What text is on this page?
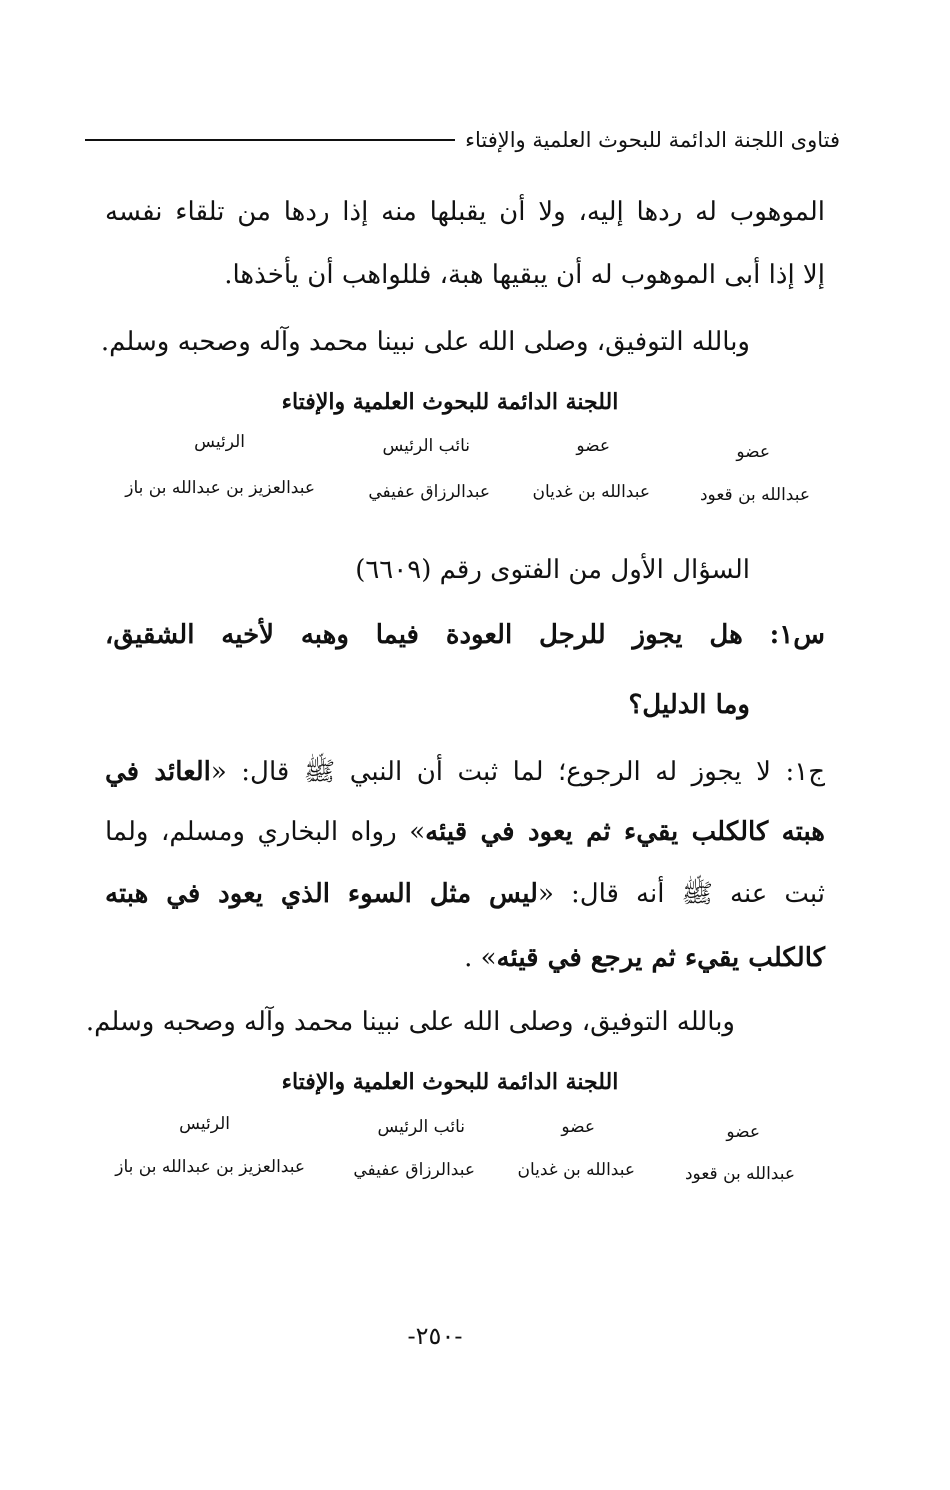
فتاوى اللجنة الدائمة للبحوث العلمية والإفتاء
الموهوب له ردها إليه، ولا أن يقبلها منه إذا ردها من تلقاء نفسه
إلا إذا أبى الموهوب له أن يبقيها هبة، فللواهب أن يأخذها.
وبالله التوفيق، وصلى الله على نبينا محمد وآله وصحبه وسلم.
اللجنة الدائمة للبحوث العلمية والإفتاء
عضو
عضو
نائب الرئيس
الرئيس
عبدالله بن قعود
عبدالله بن غديان
عبدالرزاق عفيفي
عبدالعزيز بن عبدالله بن باز
السؤال الأول من الفتوى رقم (٦٦٠٩)
س١: هل يجوز للرجل العودة فيما وهبه لأخيه الشقيق،
وما الدليل؟
ج١: لا يجوز له الرجوع؛ لما ثبت أن النبي ﷺ قال: «العائد في
هبته كالكلب يقيء ثم يعود في قيئه» رواه البخاري ومسلم، ولما
ثبت عنه ﷺ أنه قال: «ليس مثل السوء الذي يعود في هبته
كالكلب يقيء ثم يرجع في قيئه» .
وبالله التوفيق، وصلى الله على نبينا محمد وآله وصحبه وسلم.
اللجنة الدائمة للبحوث العلمية والإفتاء
عضو
عضو
نائب الرئيس
الرئيس
عبدالله بن قعود
عبدالله بن غديان
عبدالرزاق عفيفي
عبدالعزيز بن عبدالله بن باز
-٢٥٠-
